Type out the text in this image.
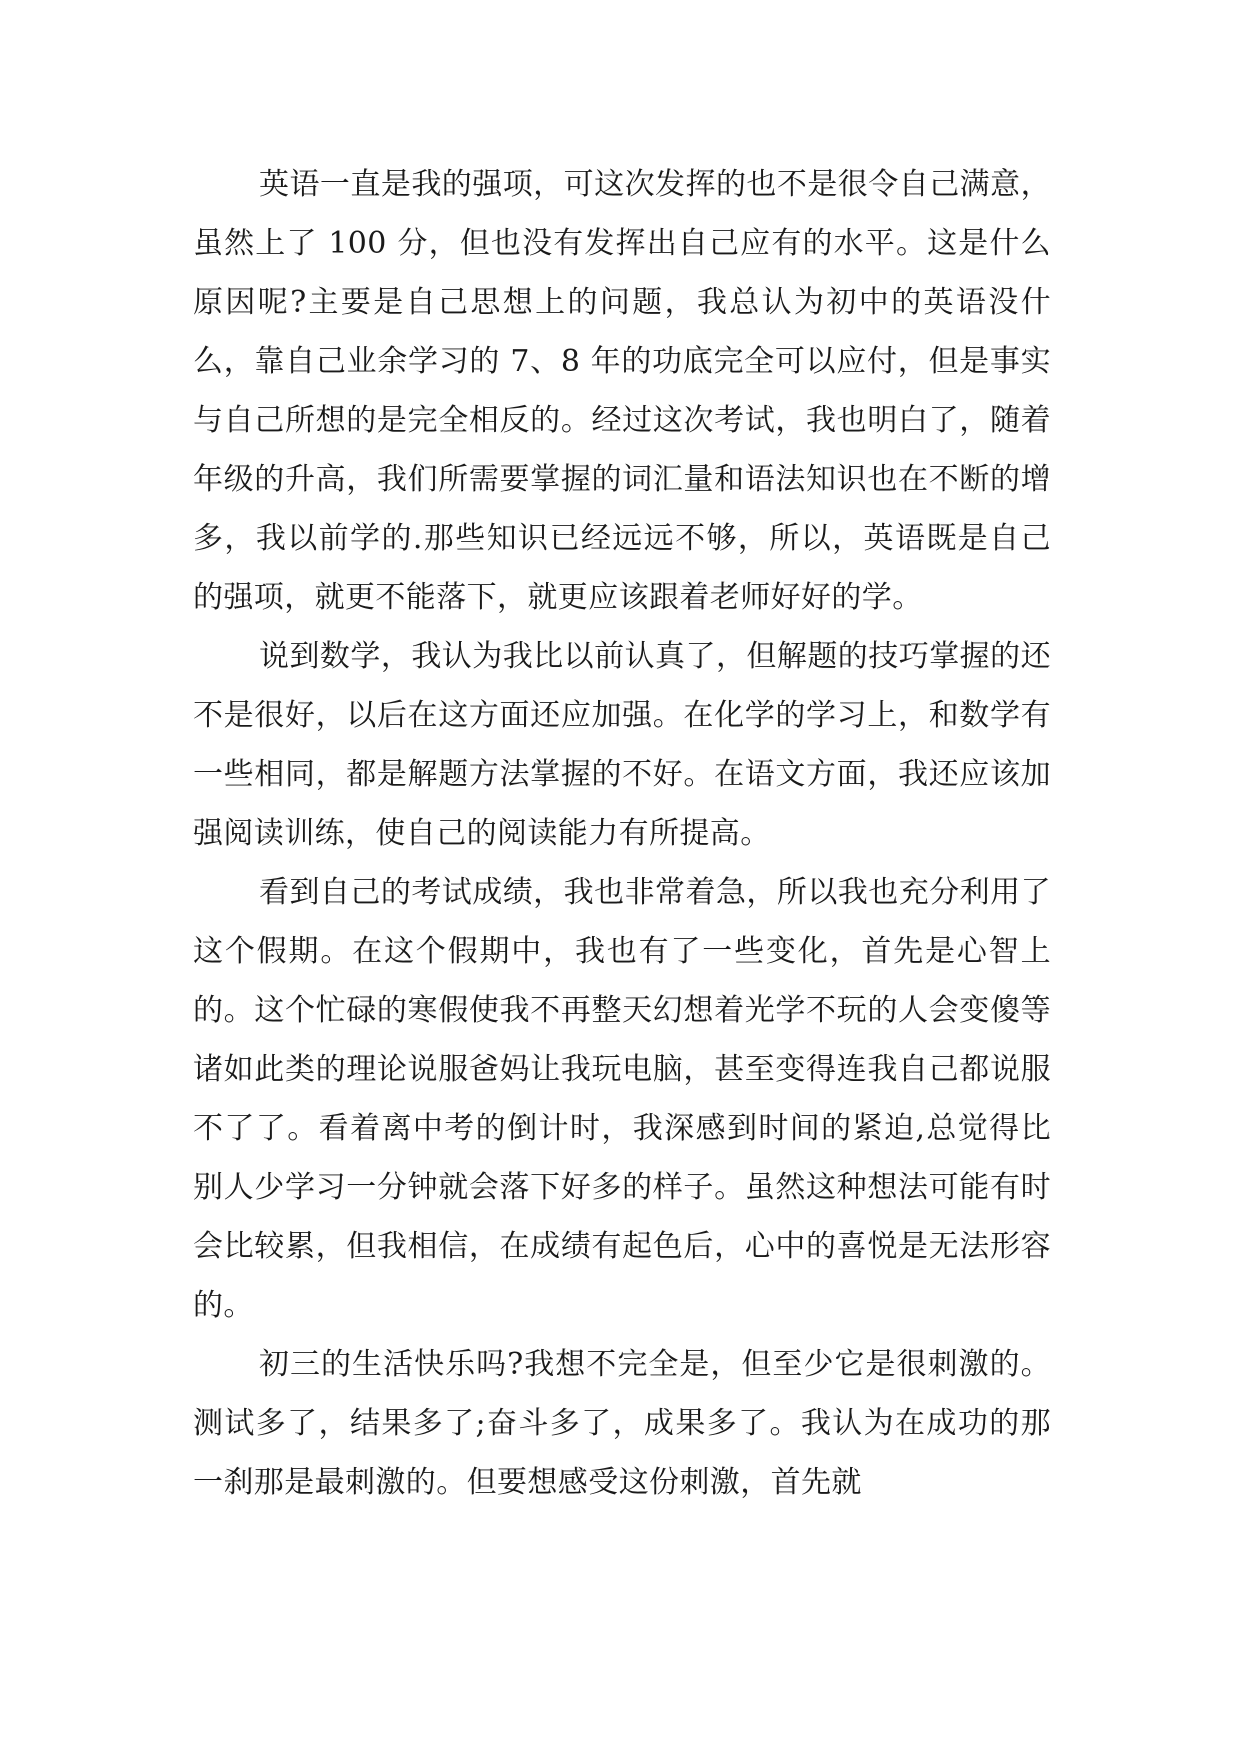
英语一直是我的强项，可这次发挥的也不是很令自己满意，虽然上了 100 分，但也没有发挥出自己应有的水平。这是什么原因呢?主要是自己思想上的问题，我总认为初中的英语没什么，靠自己业余学习的 7、8 年的功底完全可以应付，但是事实与自己所想的是完全相反的。经过这次考试，我也明白了，随着年级的升高，我们所需要掌握的词汇量和语法知识也在不断的增多，我以前学的.那些知识已经远远不够，所以，英语既是自己的强项，就更不能落下，就更应该跟着老师好好的学。

说到数学，我认为我比以前认真了，但解题的技巧掌握的还不是很好，以后在这方面还应加强。在化学的学习上，和数学有一些相同，都是解题方法掌握的不好。在语文方面，我还应该加强阅读训练，使自己的阅读能力有所提高。

看到自己的考试成绩，我也非常着急，所以我也充分利用了这个假期。在这个假期中，我也有了一些变化，首先是心智上的。这个忙碌的寒假使我不再整天幻想着光学不玩的人会变傻等诸如此类的理论说服爸妈让我玩电脑，甚至变得连我自己都说服不了了。看着离中考的倒计时，我深感到时间的紧迫,总觉得比别人少学习一分钟就会落下好多的样子。虽然这种想法可能有时会比较累，但我相信，在成绩有起色后，心中的喜悦是无法形容的。

初三的生活快乐吗?我想不完全是，但至少它是很刺激的。测试多了，结果多了;奋斗多了，成果多了。我认为在成功的那一刹那是最刺激的。但要想感受这份刺激，首先就
